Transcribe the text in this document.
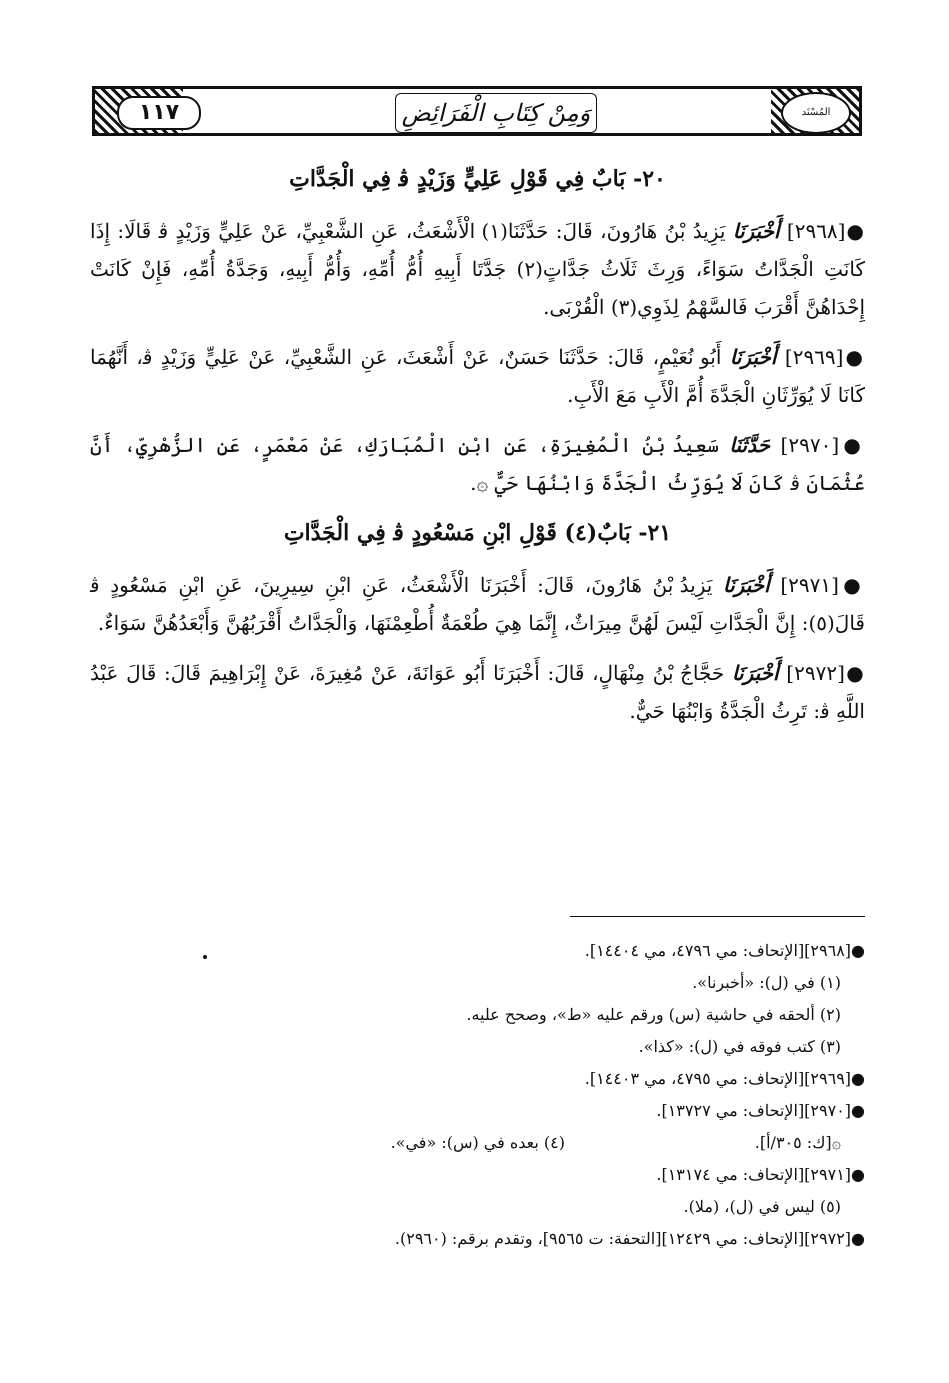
١١٧	المُسْنَد
وَمِنْ كِتَابِ الْفَرَائِضِ
٢٠- بَابٌ فِي قَوْلِ عَلِيٍّ وَزَيْدٍ ﭬ فِي الْجَدَّاتِ

●[٢٩٦٨] أَخْبَرَنَا يَزِيدُ بْنُ هَارُونَ، قَالَ: حَدَّثَنَا(١) الْأَشْعَثُ، عَنِ الشَّعْبِيِّ، عَنْ عَلِيٍّ وَزَيْدٍ ﭬ قَالَا: إِذَا كَانَتِ الْجَدَّاتُ سَوَاءً، وَرِثَ ثَلَاثُ جَدَّاتٍ(٢) جَدَّتَا أَبِيهِ أُمُّ أُمِّهِ، وَأُمُّ أَبِيهِ، وَجَدَّةُ أُمِّهِ، فَإِنْ كَانَتْ إِحْدَاهُنَّ أَقْرَبَ فَالسَّهْمُ لِذَوِي(٣) الْقُرْبَى.

●[٢٩٦٩] أَخْبَرَنَا أَبُو نُعَيْمٍ، قَالَ: حَدَّثَنَا حَسَنٌ، عَنْ أَشْعَثَ، عَنِ الشَّعْبِيِّ، عَنْ عَلِيٍّ وَزَيْدٍ ﭬ، أَنَّهُمَا كَانَا لَا يُوَرِّثَانِ الْجَدَّةَ أُمَّ الْأَبِ مَعَ الْأَبِ.

●[٢٩٧٠] حَدَّثَنَا سَعِيدُ بْنُ الْمُغِيرَةِ، عَنِ ابْنِ الْمُبَارَكِ، عَنْ مَعْمَرٍ، عَنِ الزُّهْرِيِّ، أَنَّ عُثْمَانَ ﭬ كَانَ لَا يُوَرِّثُ الْجَدَّةَ وَابْنُهَا حَيٌّ ۞.

٢١- بَابٌ(٤) قَوْلِ ابْنِ مَسْعُودٍ ﭬ فِي الْجَدَّاتِ

●[٢٩٧١] أَخْبَرَنَا يَزِيدُ بْنُ هَارُونَ، قَالَ: أَخْبَرَنَا الْأَشْعَثُ، عَنِ ابْنِ سِيرِينَ، عَنِ ابْنِ مَسْعُودٍ ﭬ قَالَ(٥): إِنَّ الْجَدَّاتِ لَيْسَ لَهُنَّ مِيرَاثٌ، إِنَّمَا هِيَ طُعْمَةٌ أُطْعِمْنَهَا، وَالْجَدَّاتُ أَقْرَبُهُنَّ وَأَبْعَدُهُنَّ سَوَاءٌ.

●[٢٩٧٢] أَخْبَرَنَا حَجَّاجُ بْنُ مِنْهَالٍ، قَالَ: أَخْبَرَنَا أَبُو عَوَانَةَ، عَنْ مُغِيرَةَ، عَنْ إِبْرَاهِيمَ قَالَ: قَالَ عَبْدُ اللَّهِ ﭬ: تَرِثُ الْجَدَّةُ وَابْنُهَا حَيٌّ.

●[٢٩٦٨][الإتحاف: مي ٤٧٩٦، مي ١٤٤٠٤].
(١) في (ل): «أخبرنا».
(٢) ألحقه في حاشية (س) ورقم عليه «ط»، وصحح عليه.
(٣) كتب فوقه في (ل): «كذا».
●[٢٩٦٩][الإتحاف: مي ٤٧٩٥، مي ١٤٤٠٣].
●[٢٩٧٠][الإتحاف: مي ١٣٧٢٧].
۞[ك: ٣٠٥/أ].
(٤) بعده في (س): «في».
●[٢٩٧١][الإتحاف: مي ١٣١٧٤].
(٥) ليس في (ل)، (ملا).
●[٢٩٧٢][الإتحاف: مي ١٢٤٢٩][التحفة: ت ٩٥٦٥]، وتقدم برقم: (٢٩٦٠).
